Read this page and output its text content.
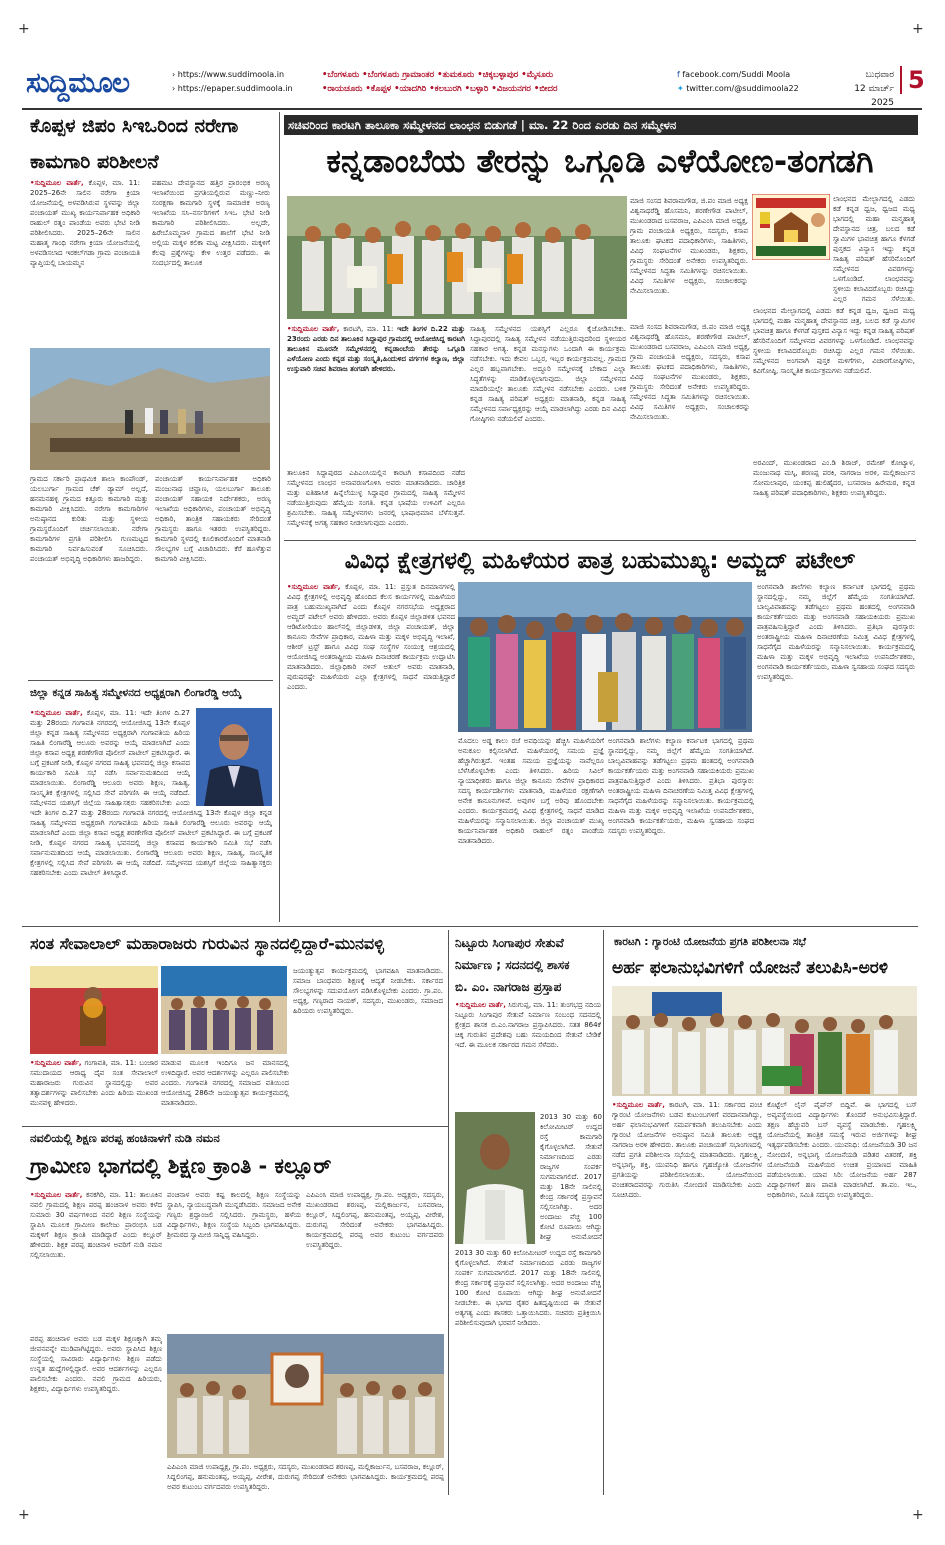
+	+
+	+
ಸುದ್ದಿಮೂಲ	› https://www.suddimoola.in
› https://epaper.suddimoola.in
•ಬೆಂಗಳೂರು •ಬೆಂಗಳೂರು ಗ್ರಾಮಾಂತರ •ತುಮಕೂರು •ಚಿಕ್ಕಬಳ್ಳಾಪುರ •ಮೈಸೂರು
•ರಾಯಚೂರು •ಕೊಪ್ಪಳ •ಯಾದಗಿರಿ •ಕಲಬುರಗಿ •ಬಳ್ಳಾರಿ •ವಿಜಯನಗರ •ಬೀದರ
f facebook.com/Suddi Moola
✦ twitter.com/@suddimoola22
ಬುಧವಾರ
12 ಮಾರ್ಚ್ 2025
5
ಕೊಪ್ಪಳ ಜಿಪಂ ಸಿಇಒರಿಂದ ನರೇಗಾ
ಕಾಮಗಾರಿ ಪರಿಶೀಲನೆ
•ಸುದ್ದಿಮೂಲ ವಾರ್ತೆ, ಕೊಪ್ಪಳ, ಮಾ. 11: 2025–26ನೇ ಸಾಲಿನ ನರೇಗಾ ಕ್ರಿಯಾ ಯೋಜನೆಯಲ್ಲಿ ಅಳವಡಿಸಿರುವ ಸ್ಥಳವನ್ನು ಜಿಲ್ಲಾ ಪಂಚಾಯತ್ ಮುಖ್ಯ ಕಾರ್ಯನಿರ್ವಾಹಕ ಅಧಿಕಾರಿ ರಾಹುಲ್ ರತ್ನಂ ಪಾಂಡೆಯ ಅವರು ಭೇಟಿ ನೀಡಿ ಪರಿಶೀಲಿಸಿದರು. 2025–26ನೇ ಸಾಲಿನ ಮಹಾತ್ಮ ಗಾಂಧಿ ನರೇಗಾ ಕ್ರಿಯಾ ಯೋಜನೆಯಲ್ಲಿ ಅಳವಡಿಸಲಾದ ಇರಕಲ್‌ಗಡಾ ಗ್ರಾಮ ಪಂಚಾಯತಿ ವ್ಯಾಪ್ತಿಯಲ್ಲಿ ಬಾಯಮ್ಮನ
ಪಹಮಟ ದೇವಸ್ಥಾನದ ಹತ್ತಿರ ಪ್ರಾರಂಭಿಕ ಅರಣ್ಯ ಇಲಾಖೆಯಿಂದ ಪ್ರಗತಿಯಲ್ಲಿರುವ ಮಣ್ಣು–ನೀರು ಸಂರಕ್ಷಣಾ ಕಾಮಗಾರಿ ಸ್ಥಳಕ್ಕೆ ಸಾಮಾಜಿಕ ಅರಣ್ಯ ಇಲಾಖೆಯ ಸಸಿ–ನರ್ಸರಿಗಳಿಗೆ ಸಿಇಒ ಭೇಟಿ ನೀಡಿ ಕಾಮಗಾರಿ ಪರಿಶೀಲಿಸಿದರು. ಅಲ್ಲದೇ, ಹಿರೇಬೊಮ್ಮನಾಳ ಗ್ರಾಮದ ಶಾಲೆಗೆ ಭೇಟಿ ನೀಡಿ ಅಲ್ಲಿಯ ಮಕ್ಕಳ ಕಲಿಕಾ ಮಟ್ಟ ವೀಕ್ಷಿಸಿದರು. ಮಕ್ಕಳಿಗೆ ಕೆಲವು ಪ್ರಶ್ನೆಗಳನ್ನು ಕೇಳಿ ಉತ್ತರ ಪಡೆದರು. ಈ ಸಂದರ್ಭದಲ್ಲಿ ತಾಲೂಕ
ಗ್ರಾಮದ ಸರ್ಕಾರಿ ಪ್ರಾಥಮಿಕ ಶಾಲಾ ಕಾಂಪೌಂಡ್, ಯಲಬುರ್ಗಾ ಗ್ರಾಮದ ಚೆಕ್ ಡ್ಯಾಮ್ ಅಲ್ಲದೆ, ಹನಮನಹಳ್ಳಿ ಗ್ರಾಮದ ಕಿತ್ತೂರು ಕಾಮಗಾರಿ ಮತ್ತು ಕಾಮಗಾರಿ ವೀಕ್ಷಿಸಿದರು. ನರೇಗಾ ಕಾಮಗಾರಿಗಳ ಅನುಷ್ಠಾನದ ಕುರಿತು ಮತ್ತು ಸ್ಥಳೀಯ ಗ್ರಾಮಸ್ಥರೊಂದಿಗೆ ಚರ್ಚಿಸಲಾಯಿತು. ನರೇಗಾ ಕಾಮಗಾರಿಗಳ ಪ್ರಗತಿ ಪರಿಶೀಲಿಸಿ ಗುಣಮಟ್ಟದ ಕಾಮಗಾರಿ ನಿರ್ವಹಿಸುವಂತೆ ಸೂಚಿಸಿದರು. ಪಂಚಾಯತ್ ಅಭಿವೃದ್ಧಿ ಅಧಿಕಾರಿಗಳು ಹಾಜರಿದ್ದರು.
ಪಂಚಾಯತ್ ಕಾರ್ಯನಿರ್ವಾಹಕ ಅಧಿಕಾರಿ ಮಂಜುನಾಥ ಚವ್ಹಾಣ, ಯಲಬುರ್ಗಾ ತಾಲೂಕು ಪಂಚಾಯತ್ ಸಹಾಯಕ ನಿರ್ದೇಶಕರು, ಅರಣ್ಯ ಇಲಾಖೆಯ ಅಧಿಕಾರಿಗಳು, ಪಂಚಾಯತ್ ಅಭಿವೃದ್ಧಿ ಅಧಿಕಾರಿ, ತಾಂತ್ರಿಕ ಸಹಾಯಕರು ಸೇರಿದಂತೆ ಗ್ರಾಮಸ್ಥರು ಹಾಗೂ ಇತರರು ಉಪಸ್ಥಿತರಿದ್ದರು. ಕಾಮಗಾರಿ ಸ್ಥಳದಲ್ಲಿ ಕೂಲಿಕಾರರೊಂದಿಗೆ ಮಾತನಾಡಿ ಸೌಲಭ್ಯಗಳ ಬಗ್ಗೆ ವಿಚಾರಿಸಿದರು. ಕೆರೆ ಹೂಳೆತ್ತುವ ಕಾಮಗಾರಿ ವೀಕ್ಷಿಸಿದರು.
ಜಿಲ್ಲಾ ಕನ್ನಡ ಸಾಹಿತ್ಯ ಸಮ್ಮೇಳನದ ಅಧ್ಯಕ್ಷರಾಗಿ ಲಿಂಗಾರೆಡ್ಡಿ ಆಯ್ಕೆ
•ಸುದ್ದಿಮೂಲ ವಾರ್ತೆ, ಕೊಪ್ಪಳ, ಮಾ. 11: ಇದೇ ತಿಂಗಳ ದಿ.27 ಮತ್ತು 28ರಂದು ಗಂಗಾವತಿ ನಗರದಲ್ಲಿ ಆಯೋಜಿಸಿದ್ದ 13ನೇ ಕೊಪ್ಪಳ ಜಿಲ್ಲಾ ಕನ್ನಡ ಸಾಹಿತ್ಯ ಸಮ್ಮೇಳನದ ಅಧ್ಯಕ್ಷರಾಗಿ ಗಂಗಾವತಿಯ ಹಿರಿಯ ಸಾಹಿತಿ ಲಿಂಗಾರೆಡ್ಡಿ ಆಲೂರು ಅವರನ್ನು ಆಯ್ಕೆ ಮಾಡಲಾಗಿದೆ ಎಂದು ಜಿಲ್ಲಾ ಕಸಾಪ ಅಧ್ಯಕ್ಷ ಶರಣೇಗೌಡ ಪೊಲೀಸ್ ಪಾಟೀಲ್ ಪ್ರಕಟಿಸಿದ್ದಾರೆ. ಈ ಬಗ್ಗೆ ಪ್ರಕಟಣೆ ನೀಡಿ, ಕೊಪ್ಪಳ ನಗರದ ಸಾಹಿತ್ಯ ಭವನದಲ್ಲಿ ಜಿಲ್ಲಾ ಕಸಾಪದ ಕಾರ್ಯಕಾರಿ ಸಮಿತಿ ಸಭೆ ನಡೆಸಿ ಸರ್ವಾನುಮತದಿಂದ ಆಯ್ಕೆ ಮಾಡಲಾಯಿತು. ಲಿಂಗಾರೆಡ್ಡಿ ಆಲೂರು ಅವರು ಶಿಕ್ಷಣ, ಸಾಹಿತ್ಯ, ಸಾಂಸ್ಕೃತಿಕ ಕ್ಷೇತ್ರಗಳಲ್ಲಿ ಸಲ್ಲಿಸಿದ ಸೇವೆ ಪರಿಗಣಿಸಿ ಈ ಆಯ್ಕೆ ನಡೆದಿದೆ. ಸಮ್ಮೇಳನದ ಯಶಸ್ಸಿಗೆ ಜಿಲ್ಲೆಯ ಸಾಹಿತ್ಯಾಸಕ್ತರು ಸಹಕರಿಸಬೇಕು ಎಂದು
ಇದೇ ತಿಂಗಳ ದಿ.27 ಮತ್ತು 28ರಂದು ಗಂಗಾವತಿ ನಗರದಲ್ಲಿ ಆಯೋಜಿಸಿದ್ದ 13ನೇ ಕೊಪ್ಪಳ ಜಿಲ್ಲಾ ಕನ್ನಡ ಸಾಹಿತ್ಯ ಸಮ್ಮೇಳನದ ಅಧ್ಯಕ್ಷರಾಗಿ ಗಂಗಾವತಿಯ ಹಿರಿಯ ಸಾಹಿತಿ ಲಿಂಗಾರೆಡ್ಡಿ ಆಲೂರು ಅವರನ್ನು ಆಯ್ಕೆ ಮಾಡಲಾಗಿದೆ ಎಂದು ಜಿಲ್ಲಾ ಕಸಾಪ ಅಧ್ಯಕ್ಷ ಶರಣೇಗೌಡ ಪೊಲೀಸ್ ಪಾಟೀಲ್ ಪ್ರಕಟಿಸಿದ್ದಾರೆ. ಈ ಬಗ್ಗೆ ಪ್ರಕಟಣೆ ನೀಡಿ, ಕೊಪ್ಪಳ ನಗರದ ಸಾಹಿತ್ಯ ಭವನದಲ್ಲಿ ಜಿಲ್ಲಾ ಕಸಾಪದ ಕಾರ್ಯಕಾರಿ ಸಮಿತಿ ಸಭೆ ನಡೆಸಿ ಸರ್ವಾನುಮತದಿಂದ ಆಯ್ಕೆ ಮಾಡಲಾಯಿತು. ಲಿಂಗಾರೆಡ್ಡಿ ಆಲೂರು ಅವರು ಶಿಕ್ಷಣ, ಸಾಹಿತ್ಯ, ಸಾಂಸ್ಕೃತಿಕ ಕ್ಷೇತ್ರಗಳಲ್ಲಿ ಸಲ್ಲಿಸಿದ ಸೇವೆ ಪರಿಗಣಿಸಿ ಈ ಆಯ್ಕೆ ನಡೆದಿದೆ. ಸಮ್ಮೇಳನದ ಯಶಸ್ಸಿಗೆ ಜಿಲ್ಲೆಯ ಸಾಹಿತ್ಯಾಸಕ್ತರು ಸಹಕರಿಸಬೇಕು ಎಂದು ಪಾಟೀಲ್ ತಿಳಿಸಿದ್ದಾರೆ.
ಸಚಿವರಿಂದ ಕಾರಟಗಿ ತಾಲೂಕಾ ಸಮ್ಮೇಳನದ ಲಾಂಛನ ಬಿಡುಗಡೆ | ಮಾ. 22 ರಿಂದ ಎರಡು ದಿನ ಸಮ್ಮೇಳನ
ಕನ್ನಡಾಂಬೆಯ ತೇರನ್ನು ಒಗ್ಗೂಡಿ ಎಳೆಯೋಣ-ತಂಗಡಗಿ
ಮಾಜಿ ಸಂಸದ ಶಿವರಾಮಗೌಡ, ಜಿ.ಪಂ ಮಾಜಿ ಅಧ್ಯಕ್ಷ ವಿಶ್ವನಾಥರೆಡ್ಡಿ ಹೊಸಮನಿ, ಶರಣೇಗೌಡ ಪಾಟೀಲ್, ಮುಖಂಡರಾದ ಬಸವರಾಜ, ಎಪಿಎಂಸಿ ಮಾಜಿ ಅಧ್ಯಕ್ಷ, ಗ್ರಾಮ ಪಂಚಾಯತಿ ಅಧ್ಯಕ್ಷರು, ಸದಸ್ಯರು, ಕಸಾಪ ತಾಲೂಕು ಘಟಕದ ಪದಾಧಿಕಾರಿಗಳು, ಸಾಹಿತಿಗಳು, ವಿವಿಧ ಸಂಘಟನೆಗಳ ಮುಖಂಡರು, ಶಿಕ್ಷಕರು, ಗ್ರಾಮಸ್ಥರು ಸೇರಿದಂತೆ ಅನೇಕರು ಉಪಸ್ಥಿತರಿದ್ದರು. ಸಮ್ಮೇಳನದ ಸಿದ್ಧತಾ ಸಮಿತಿಗಳನ್ನು ರಚಿಸಲಾಯಿತು. ವಿವಿಧ ಸಮಿತಿಗಳ ಅಧ್ಯಕ್ಷರು, ಸಂಚಾಲಕರನ್ನು ನೇಮಿಸಲಾಯಿತು.
ಲಾಂಛನದ ಮೇಲ್ಭಾಗದಲ್ಲಿ ಎಡದು ಕಡೆ ಕನ್ನಡ ಧ್ವಜ, ಧ್ವಜದ ಮಧ್ಯ ಭಾಗದಲ್ಲಿ ಮಹಾ ಮನ್ಮಹಾತ್ಮ ದೇವಸ್ಥಾನದ ಚಿತ್ರ, ಬಲದ ಕಡೆ ಸ್ವಾಮಿಗಳ ಭಾವಚಿತ್ರ ಹಾಗೂ ಕೆಳಗಡೆ ಪುಸ್ತಕದ ವಿನ್ಯಾಸ ಇದ್ದು ಕನ್ನಡ ಸಾಹಿತ್ಯ ಪರಿಷತ್ ಹೆಸರಿನೊಂದಿಗೆ ಸಮ್ಮೇಳನದ ವಿವರಗಳನ್ನು ಒಳಗೊಂಡಿದೆ. ಲಾಂಛನವನ್ನು ಸ್ಥಳೀಯ ಕಲಾವಿದರೊಬ್ಬರು ರಚಿಸಿದ್ದು ಎಲ್ಲರ ಗಮನ ಸೆಳೆಯಿತು.
•ಸುದ್ದಿಮೂಲ ವಾರ್ತೆ, ಕಾರಟಗಿ, ಮಾ. 11: ಇದೇ ತಿಂಗಳ ದಿ.22 ಮತ್ತು 23ರಂದು ಎರಡು ದಿನ ತಾಲೂಕಿನ ಸಿದ್ದಾಪುರ ಗ್ರಾಮದಲ್ಲಿ ಆಯೋಜಿಸಿದ್ದ ಕಾರಟಗಿ ತಾಲೂಕಿನ ಮೂರನೇ ಸಮ್ಮೇಳನದಲ್ಲಿ ಕನ್ನಡಾಂಬೆಯ ತೇರನ್ನು ಒಗ್ಗೂಡಿ ಎಳೆಯೋಣ ಎಂದು ಕನ್ನಡ ಮತ್ತು ಸಂಸ್ಕೃತಿ,ಹಿಂದುಳಿದ ವರ್ಗಗಳ ಕಲ್ಯಾಣ, ಜಿಲ್ಲಾ ಉಸ್ತುವಾರಿ ಸಚಿವ ಶಿವರಾಜ ತಂಗಡಗಿ ಹೇಳಿದರು.
ತಾಲೂಕಿನ ಸಿದ್ದಾಪುರದ ಎಪಿಎಂಸಿಯಲ್ಲಿನ ಕಾರಟಗಿ ಕಸಾಪದಿಂದ ನಡೆದ ಸಮ್ಮೇಳನದ ಲಾಂಛನ ಅನಾವರಣಗೊಳಿಸಿ ಅವರು ಮಾತನಾಡಿದರು. ಚಾರಿತ್ರಿಕ ಮತ್ತು ಐತಿಹಾಸಿಕ ಹಿನ್ನೆಲೆಯುಳ್ಳ ಸಿದ್ದಾಪುರ ಗ್ರಾಮದಲ್ಲಿ ಸಾಹಿತ್ಯ ಸಮ್ಮೇಳನ ನಡೆಯುತ್ತಿರುವುದು ಹೆಮ್ಮೆಯ ಸಂಗತಿ. ಕನ್ನಡ ಭಾಷೆಯ ಉಳಿವಿಗೆ ಎಲ್ಲರೂ ಶ್ರಮಿಸಬೇಕು. ಸಾಹಿತ್ಯ ಸಮ್ಮೇಳನಗಳು ಜನರಲ್ಲಿ ಭಾಷಾಭಿಮಾನ ಬೆಳೆಸುತ್ತವೆ. ಸಮ್ಮೇಳನಕ್ಕೆ ಅಗತ್ಯ ಸಹಕಾರ ನೀಡಲಾಗುವುದು ಎಂದರು.
ಸಾಹಿತ್ಯ ಸಮ್ಮೇಳನದ ಯಶಸ್ಸಿಗೆ ಎಲ್ಲರೂ ಕೈಜೋಡಿಸಬೇಕು. ಸಿದ್ದಾಪುರದಲ್ಲಿ ಸಾಹಿತ್ಯ ಸಮ್ಮೇಳನ ನಡೆಯುತ್ತಿರುವುದರಿಂದ ಸ್ಥಳೀಯರ ಸಹಕಾರ ಅಗತ್ಯ. ಕನ್ನಡ ಮನಸ್ಸುಗಳು ಒಂದಾಗಿ ಈ ಕಾರ್ಯಕ್ರಮ ನಡೆಸಬೇಕು. ಇದು ಕೇವಲ ಒಬ್ಬರ, ಇಬ್ಬರ ಕಾರ್ಯಕ್ರಮವಲ್ಲ. ಗ್ರಾಮದ ಎಲ್ಲರ ಹಬ್ಬವಾಗಬೇಕು. ಅದ್ಧೂರಿ ಸಮ್ಮೇಳನಕ್ಕೆ ಬೇಕಾದ ಎಲ್ಲಾ ಸಿದ್ಧತೆಗಳನ್ನು ಮಾಡಿಕೊಳ್ಳಲಾಗುವುದು. ಜಿಲ್ಲಾ ಸಮ್ಮೇಳನದ ಮಾದರಿಯಲ್ಲೇ ತಾಲೂಕು ಸಮ್ಮೇಳನ ನಡೆಸಬೇಕು ಎಂದರು. ಬಳಿಕ ಕನ್ನಡ ಸಾಹಿತ್ಯ ಪರಿಷತ್ ಅಧ್ಯಕ್ಷರು ಮಾತನಾಡಿ, ಕನ್ನಡ ಸಾಹಿತ್ಯ ಸಮ್ಮೇಳನದ ಸರ್ವಾಧ್ಯಕ್ಷರನ್ನು ಆಯ್ಕೆ ಮಾಡಲಾಗಿದ್ದು ಎರಡು ದಿನ ವಿವಿಧ ಗೋಷ್ಠಿಗಳು ನಡೆಯಲಿವೆ ಎಂದರು.
ಮಾಜಿ ಸಂಸದ ಶಿವರಾಮಗೌಡ, ಜಿ.ಪಂ ಮಾಜಿ ಅಧ್ಯಕ್ಷ ವಿಶ್ವನಾಥರೆಡ್ಡಿ ಹೊಸಮನಿ, ಶರಣೇಗೌಡ ಪಾಟೀಲ್, ಮುಖಂಡರಾದ ಬಸವರಾಜ, ಎಪಿಎಂಸಿ ಮಾಜಿ ಅಧ್ಯಕ್ಷ, ಗ್ರಾಮ ಪಂಚಾಯತಿ ಅಧ್ಯಕ್ಷರು, ಸದಸ್ಯರು, ಕಸಾಪ ತಾಲೂಕು ಘಟಕದ ಪದಾಧಿಕಾರಿಗಳು, ಸಾಹಿತಿಗಳು, ವಿವಿಧ ಸಂಘಟನೆಗಳ ಮುಖಂಡರು, ಶಿಕ್ಷಕರು, ಗ್ರಾಮಸ್ಥರು ಸೇರಿದಂತೆ ಅನೇಕರು ಉಪಸ್ಥಿತರಿದ್ದರು. ಸಮ್ಮೇಳನದ ಸಿದ್ಧತಾ ಸಮಿತಿಗಳನ್ನು ರಚಿಸಲಾಯಿತು. ವಿವಿಧ ಸಮಿತಿಗಳ ಅಧ್ಯಕ್ಷರು, ಸಂಚಾಲಕರನ್ನು ನೇಮಿಸಲಾಯಿತು.
ಲಾಂಛನದ ಮೇಲ್ಭಾಗದಲ್ಲಿ ಎಡದು ಕಡೆ ಕನ್ನಡ ಧ್ವಜ, ಧ್ವಜದ ಮಧ್ಯ ಭಾಗದಲ್ಲಿ ಮಹಾ ಮನ್ಮಹಾತ್ಮ ದೇವಸ್ಥಾನದ ಚಿತ್ರ, ಬಲದ ಕಡೆ ಸ್ವಾಮಿಗಳ ಭಾವಚಿತ್ರ ಹಾಗೂ ಕೆಳಗಡೆ ಪುಸ್ತಕದ ವಿನ್ಯಾಸ ಇದ್ದು ಕನ್ನಡ ಸಾಹಿತ್ಯ ಪರಿಷತ್ ಹೆಸರಿನೊಂದಿಗೆ ಸಮ್ಮೇಳನದ ವಿವರಗಳನ್ನು ಒಳಗೊಂಡಿದೆ. ಲಾಂಛನವನ್ನು ಸ್ಥಳೀಯ ಕಲಾವಿದರೊಬ್ಬರು ರಚಿಸಿದ್ದು ಎಲ್ಲರ ಗಮನ ಸೆಳೆಯಿತು. ಸಮ್ಮೇಳನದ ಅಂಗವಾಗಿ ಪುಸ್ತಕ ಮಳಿಗೆಗಳು, ವಿಚಾರಗೋಷ್ಠಿಗಳು, ಕವಿಗೋಷ್ಠಿ, ಸಾಂಸ್ಕೃತಿಕ ಕಾರ್ಯಕ್ರಮಗಳು ನಡೆಯಲಿವೆ.
ಅರವಿಂದ್, ಮುಖಂಡರಾದ ಎಂ.ಡಿ ಶಿರಾಜ್, ರಮೇಶ್ ಕೋಟ್ಯಾಳ, ಮಂಜುನಾಥ ಮಸ್ಕಿ, ಶರಣಪ್ಪ ಪರಕಿ, ನಾಗರಾಜ ಅರಳಿ, ಮಲ್ಲಿಕಾರ್ಜುನ ಸೋಮಲಾಪುರ, ಯಂಕಪ್ಪ ಹುಲಿಹೈದರ, ಬಸವರಾಜ ಹಿರೇಮಠ, ಕನ್ನಡ ಸಾಹಿತ್ಯ ಪರಿಷತ್ ಪದಾಧಿಕಾರಿಗಳು, ಶಿಕ್ಷಕರು ಉಪಸ್ಥಿತರಿದ್ದರು.
ವಿವಿಧ ಕ್ಷೇತ್ರಗಳಲ್ಲಿ ಮಹಿಳೆಯರ ಪಾತ್ರ ಬಹುಮುಖ್ಯ: ಅಮ್ಜದ್ ಪಟೇಲ್
•ಸುದ್ದಿಮೂಲ ವಾರ್ತೆ, ಕೊಪ್ಪಳ, ಮಾ. 11: ಪ್ರಸ್ತುತ ದಿನಮಾನಗಳಲ್ಲಿ ವಿವಿಧ ಕ್ಷೇತ್ರಗಳಲ್ಲಿ ಅಭಿವೃದ್ಧಿ ಹೊಂದಿದ ಕೆಲಸ ಕಾರ್ಯಗಳಲ್ಲಿ ಮಹಿಳೆಯರ ಪಾತ್ರ ಬಹುಮುಖ್ಯವಾಗಿದೆ ಎಂದು ಕೊಪ್ಪಳ ನಗರಸಭೆಯ ಅಧ್ಯಕ್ಷರಾದ ಅಮ್ಜದ್ ಪಟೇಲ್ ಅವರು ಹೇಳಿದರು. ಅವರು ಕೊಪ್ಪಳ ಜಿಲ್ಲಾಡಳಿತ ಭವನದ ಆಡಿಟೋರಿಯಂ ಹಾಲ್‌ನಲ್ಲಿ ಜಿಲ್ಲಾಡಳಿತ, ಜಿಲ್ಲಾ ಪಂಚಾಯತ್, ಜಿಲ್ಲಾ ಕಾನೂನು ಸೇವೆಗಳ ಪ್ರಾಧಿಕಾರ, ಮಹಿಳಾ ಮತ್ತು ಮಕ್ಕಳ ಅಭಿವೃದ್ಧಿ ಇಲಾಖೆ, ಆಶೀರ್ ಟ್ರಸ್ಟ್ ಹಾಗೂ ವಿವಿಧ ಸಂಘ ಸಂಸ್ಥೆಗಳ ಸಂಯುಕ್ತ ಆಶ್ರಯದಲ್ಲಿ ಆಯೋಜಿಸಿದ್ದ ಅಂತರಾಷ್ಟ್ರೀಯ ಮಹಿಳಾ ದಿನಾಚರಣೆ ಕಾರ್ಯಕ್ರಮ ಉದ್ಘಾಟಿಸಿ ಮಾತನಾಡಿದರು. ಜಿಲ್ಲಾಧಿಕಾರಿ ನಳಿನ್ ಅತುಲ್ ಅವರು ಮಾತನಾಡಿ, ಪುರುಷರಷ್ಟೇ ಮಹಿಳೆಯರು ಎಲ್ಲಾ ಕ್ಷೇತ್ರಗಳಲ್ಲಿ ಸಾಧನೆ ಮಾಡುತ್ತಿದ್ದಾರೆ ಎಂದರು.
ಮೊದಲು ಅಡ್ಡ ಕಾಲು ರಜೆ ಅವಧಿಯನ್ನು ಹೆಚ್ಚಿಸಿ ಮಹಿಳೆಯರಿಗೆ ಅನುಕೂಲ ಕಲ್ಪಿಸಲಾಗಿದೆ. ಮಹಿಳೆಯರಲ್ಲಿ ಸಮಯ ಪ್ರಜ್ಞೆ ಹೆಚ್ಚಾಗಿರುತ್ತದೆ. ಇಂತಹ ಸಮಯ ಪ್ರಜ್ಞೆಯನ್ನು ನಾವೆಲ್ಲರೂ ಬೆಳೆಸಿಕೊಳ್ಳಬೇಕು ಎಂದು ತಿಳಿಸಿದರು. ಹಿರಿಯ ಸಿವಿಲ್ ನ್ಯಾಯಾಧೀಶರು ಹಾಗೂ ಜಿಲ್ಲಾ ಕಾನೂನು ಸೇವೆಗಳ ಪ್ರಾಧಿಕಾರದ ಸದಸ್ಯ ಕಾರ್ಯದರ್ಶಿಗಳು ಮಾತನಾಡಿ, ಮಹಿಳೆಯರ ರಕ್ಷಣೆಗಾಗಿ ಅನೇಕ ಕಾನೂನುಗಳಿವೆ. ಅವುಗಳ ಬಗ್ಗೆ ಅರಿವು ಹೊಂದಬೇಕು ಎಂದರು. ಕಾರ್ಯಕ್ರಮದಲ್ಲಿ ವಿವಿಧ ಕ್ಷೇತ್ರಗಳಲ್ಲಿ ಸಾಧನೆ ಮಾಡಿದ ಮಹಿಳೆಯರನ್ನು ಸನ್ಮಾನಿಸಲಾಯಿತು. ಜಿಲ್ಲಾ ಪಂಚಾಯತ್ ಮುಖ್ಯ ಕಾರ್ಯನಿರ್ವಾಹಕ ಅಧಿಕಾರಿ ರಾಹುಲ್ ರತ್ನಂ ಪಾಂಡೆಯ ಮಾತನಾಡಿದರು.
ಅಂಗನವಾಡಿ ಶಾಲೆಗಳು ಕಲ್ಯಾಣ ಕರ್ನಾಟಕ ಭಾಗದಲ್ಲಿ ಪ್ರಥಮ ಸ್ಥಾನದಲ್ಲಿದ್ದು, ನಮ್ಮ ಜಿಲ್ಲೆಗೆ ಹೆಮ್ಮೆಯ ಸಂಗತಿಯಾಗಿದೆ. ಬಾಲ್ಯವಿವಾಹವನ್ನು ತಡೆಗಟ್ಟಲು ಪ್ರಥಮ ಹಂತದಲ್ಲಿ ಅಂಗನವಾಡಿ ಕಾರ್ಯಕರ್ತೆಯರು ಮತ್ತು ಅಂಗನವಾಡಿ ಸಹಾಯಕಿಯರು ಪ್ರಮುಖ ಪಾತ್ರವಹಿಸುತ್ತಿದ್ದಾರೆ ಎಂದು ತಿಳಿಸಿದರು. ಪ್ರತಿಭಾ ಪುರಸ್ಕಾರ: ಅಂತರಾಷ್ಟ್ರೀಯ ಮಹಿಳಾ ದಿನಾಚರಣೆಯ ನಿಮಿತ್ತ ವಿವಿಧ ಕ್ಷೇತ್ರಗಳಲ್ಲಿ ಸಾಧನೆಗೈದ ಮಹಿಳೆಯರನ್ನು ಸನ್ಮಾನಿಸಲಾಯಿತು. ಕಾರ್ಯಕ್ರಮದಲ್ಲಿ ಮಹಿಳಾ ಮತ್ತು ಮಕ್ಕಳ ಅಭಿವೃದ್ಧಿ ಇಲಾಖೆಯ ಉಪನಿರ್ದೇಶಕರು, ಅಂಗನವಾಡಿ ಕಾರ್ಯಕರ್ತೆಯರು, ಮಹಿಳಾ ಸ್ವಸಹಾಯ ಸಂಘದ ಸದಸ್ಯರು ಉಪಸ್ಥಿತರಿದ್ದರು.
ಅಂಗನವಾಡಿ ಶಾಲೆಗಳು ಕಲ್ಯಾಣ ಕರ್ನಾಟಕ ಭಾಗದಲ್ಲಿ ಪ್ರಥಮ ಸ್ಥಾನದಲ್ಲಿದ್ದು, ನಮ್ಮ ಜಿಲ್ಲೆಗೆ ಹೆಮ್ಮೆಯ ಸಂಗತಿಯಾಗಿದೆ. ಬಾಲ್ಯವಿವಾಹವನ್ನು ತಡೆಗಟ್ಟಲು ಪ್ರಥಮ ಹಂತದಲ್ಲಿ ಅಂಗನವಾಡಿ ಕಾರ್ಯಕರ್ತೆಯರು ಮತ್ತು ಅಂಗನವಾಡಿ ಸಹಾಯಕಿಯರು ಪ್ರಮುಖ ಪಾತ್ರವಹಿಸುತ್ತಿದ್ದಾರೆ ಎಂದು ತಿಳಿಸಿದರು. ಪ್ರತಿಭಾ ಪುರಸ್ಕಾರ: ಅಂತರಾಷ್ಟ್ರೀಯ ಮಹಿಳಾ ದಿನಾಚರಣೆಯ ನಿಮಿತ್ತ ವಿವಿಧ ಕ್ಷೇತ್ರಗಳಲ್ಲಿ ಸಾಧನೆಗೈದ ಮಹಿಳೆಯರನ್ನು ಸನ್ಮಾನಿಸಲಾಯಿತು. ಕಾರ್ಯಕ್ರಮದಲ್ಲಿ ಮಹಿಳಾ ಮತ್ತು ಮಕ್ಕಳ ಅಭಿವೃದ್ಧಿ ಇಲಾಖೆಯ ಉಪನಿರ್ದೇಶಕರು, ಅಂಗನವಾಡಿ ಕಾರ್ಯಕರ್ತೆಯರು, ಮಹಿಳಾ ಸ್ವಸಹಾಯ ಸಂಘದ ಸದಸ್ಯರು ಉಪಸ್ಥಿತರಿದ್ದರು.
ಸಂತ ಸೇವಾಲಾಲ್ ಮಹಾರಾಜರು ಗುರುವಿನ ಸ್ಥಾನದಲ್ಲಿದ್ದಾರೆ-ಮುನವಳ್ಳಿ
•ಸುದ್ದಿಮೂಲ ವಾರ್ತೆ, ಗಂಗಾವತಿ, ಮಾ. 11: ಬಂಜಾರ ಸಮುದಾಯದ ಆರಾಧ್ಯ ದೈವ ಸಂತ ಸೇವಾಲಾಲ್ ಮಹಾರಾಜರು ಗುರುವಿನ ಸ್ಥಾನದಲ್ಲಿದ್ದು ಅವರ ತತ್ವಾದರ್ಶಗಳನ್ನು ಪಾಲಿಸಬೇಕು ಎಂದು ಹಿರಿಯ ಮುಖಂಡ ಮುನವಳ್ಳಿ ಹೇಳಿದರು.
ಮಾಡುವ ಮೂಲಕ ಇಂದಿಗೂ ಜನ ಮಾನಸದಲ್ಲಿ ಉಳಿದಿದ್ದಾರೆ. ಅವರ ಆದರ್ಶಗಳನ್ನು ಎಲ್ಲರೂ ಪಾಲಿಸಬೇಕು ಎಂದರು. ಗಂಗಾವತಿ ನಗರದಲ್ಲಿ ಸಮಾಜದ ವತಿಯಿಂದ ಆಯೋಜಿಸಿದ್ದ 286ನೇ ಜಯಂತ್ಯುತ್ಸವ ಕಾರ್ಯಕ್ರಮದಲ್ಲಿ ಮಾತನಾಡಿದರು.
ಜಯಂತ್ಯುತ್ಸವ ಕಾರ್ಯಕ್ರಮದಲ್ಲಿ ಭಾಗವಹಿಸಿ ಮಾತನಾಡಿದರು. ಸಮಾಜ ಬಾಂಧವರು ಶಿಕ್ಷಣಕ್ಕೆ ಆದ್ಯತೆ ನೀಡಬೇಕು. ಸರ್ಕಾರದ ಸೌಲಭ್ಯಗಳನ್ನು ಸದುಪಯೋಗ ಪಡಿಸಿಕೊಳ್ಳಬೇಕು ಎಂದರು. ಗ್ರಾ.ಪಂ. ಅಧ್ಯಕ್ಷ, ಗಣ್ಯರಾದ ನಾಯಕ್, ಸದಸ್ಯರು, ಮುಖಂಡರು, ಸಮಾಜದ ಹಿರಿಯರು ಉಪಸ್ಥಿತರಿದ್ದರು.
ನವಲಿಯಲ್ಲಿ ಶಿಕ್ಷಣ ಪರಪ್ಪ ಹಂಚಿನಾಳಗೆ ನುಡಿ ನಮನ
ಗ್ರಾಮೀಣ ಭಾಗದಲ್ಲಿ ಶಿಕ್ಷಣ ಕ್ರಾಂತಿ - ಕಲ್ಲೂರ್
•ಸುದ್ದಿಮೂಲ ವಾರ್ತೆ, ಕನಕಗಿರಿ, ಮಾ. 11: ತಾಲೂಕಿನ ನವಲಿ ಗ್ರಾಮದಲ್ಲಿ ಶಿಕ್ಷಣ ಪರಪ್ಪ ಹಂಚಿನಾಳ ಅವರು ಕಳೆದ ಸುಮಾರು 30 ವರ್ಷಗಳಿಂದ ನವಲಿ ಶಿಕ್ಷಣ ಸಂಸ್ಥೆಯನ್ನು ಸ್ಥಾಪಿಸಿ ಮೂಲಕ ಗ್ರಾಮೀಣ ಕಾಲೇಜು ಪ್ರಾರಂಭಿಸಿ ಬಡ ಮಕ್ಕಳಿಗೆ ಶಿಕ್ಷಣ ಕ್ರಾಂತಿ ಮಾಡಿದ್ದಾರೆ ಎಂದು ಕಲ್ಲೂರ್ ಹೇಳಿದರು. ಶಿಕ್ಷಕ ಪರಪ್ಪ ಹಂಚಿನಾಳ ಅವರಿಗೆ ನುಡಿ ನಮನ ಸಲ್ಲಿಸಲಾಯಿತು.
ಪಂಚಿನಾಳ ಅವರು ಕಷ್ಟ ಕಾಲದಲ್ಲಿ ಶಿಕ್ಷಣ ಸಂಸ್ಥೆಯನ್ನು ಸ್ಥಾಪಿಸಿ, ನ್ಯಾಯಬದ್ಧವಾಗಿ ಮುನ್ನಡೆಸಿದರು. ಸಮಾಜದ ಅನೇಕ ಗಣ್ಯರು ಶ್ರದ್ಧಾಂಜಲಿ ಸಲ್ಲಿಸಿದರು. ಗ್ರಾಮಸ್ಥರು, ಹಳೆಯ ವಿದ್ಯಾರ್ಥಿಗಳು, ಶಿಕ್ಷಣ ಸಂಸ್ಥೆಯ ಸಿಬ್ಬಂದಿ ಭಾಗವಹಿಸಿದ್ದರು. ಶ್ರೀಮಠದ ಸ್ವಾಮೀಜಿ ಸಾನ್ನಿಧ್ಯ ವಹಿಸಿದ್ದರು.
ಎಪಿಎಂಸಿ ಮಾಜಿ ಉಪಾಧ್ಯಕ್ಷ, ಗ್ರಾ.ಪಂ. ಅಧ್ಯಕ್ಷರು, ಸದಸ್ಯರು, ಮುಖಂಡರಾದ ಶರಣಪ್ಪ, ಮಲ್ಲಿಕಾರ್ಜುನ, ಬಸವರಾಜ, ಕಲ್ಲೂರ್, ಸಿದ್ದಲಿಂಗಪ್ಪ, ಹನುಮಂತಪ್ಪ, ಅಯ್ಯಪ್ಪ, ವೀರೇಶ, ದುರುಗಪ್ಪ ಸೇರಿದಂತೆ ಅನೇಕರು ಭಾಗವಹಿಸಿದ್ದರು. ಕಾರ್ಯಕ್ರಮದಲ್ಲಿ ಪರಪ್ಪ ಅವರ ಕುಟುಂಬ ವರ್ಗದವರು ಉಪಸ್ಥಿತರಿದ್ದರು.
ಪರಪ್ಪ ಹಂಚಿನಾಳ ಅವರು ಬಡ ಮಕ್ಕಳ ಶಿಕ್ಷಣಕ್ಕಾಗಿ ತಮ್ಮ ಜೀವನವನ್ನೇ ಮುಡಿಪಾಗಿಟ್ಟಿದ್ದರು. ಅವರು ಸ್ಥಾಪಿಸಿದ ಶಿಕ್ಷಣ ಸಂಸ್ಥೆಯಲ್ಲಿ ಸಾವಿರಾರು ವಿದ್ಯಾರ್ಥಿಗಳು ಶಿಕ್ಷಣ ಪಡೆದು ಉನ್ನತ ಹುದ್ದೆಗಳಲ್ಲಿದ್ದಾರೆ. ಅವರ ಆದರ್ಶಗಳನ್ನು ಎಲ್ಲರೂ ಪಾಲಿಸಬೇಕು ಎಂದರು. ನವಲಿ ಗ್ರಾಮದ ಹಿರಿಯರು, ಶಿಕ್ಷಕರು, ವಿದ್ಯಾರ್ಥಿಗಳು ಉಪಸ್ಥಿತರಿದ್ದರು.
ಎಪಿಎಂಸಿ ಮಾಜಿ ಉಪಾಧ್ಯಕ್ಷ, ಗ್ರಾ.ಪಂ. ಅಧ್ಯಕ್ಷರು, ಸದಸ್ಯರು, ಮುಖಂಡರಾದ ಶರಣಪ್ಪ, ಮಲ್ಲಿಕಾರ್ಜುನ, ಬಸವರಾಜ, ಕಲ್ಲೂರ್, ಸಿದ್ದಲಿಂಗಪ್ಪ, ಹನುಮಂತಪ್ಪ, ಅಯ್ಯಪ್ಪ, ವೀರೇಶ, ದುರುಗಪ್ಪ ಸೇರಿದಂತೆ ಅನೇಕರು ಭಾಗವಹಿಸಿದ್ದರು. ಕಾರ್ಯಕ್ರಮದಲ್ಲಿ ಪರಪ್ಪ ಅವರ ಕುಟುಂಬ ವರ್ಗದವರು ಉಪಸ್ಥಿತರಿದ್ದರು.
ನಿಟ್ಟೂರು ಸಿಂಗಾಪುರ ಸೇತುವೆ
ನಿರ್ಮಾಣ ; ಸದನದಲ್ಲಿ ಶಾಸಕ
ಬಿ. ಎಂ. ನಾಗರಾಜ ಪ್ರಸ್ತಾಪ
•ಸುದ್ದಿಮೂಲ ವಾರ್ತೆ, ಸಿರುಗುಪ್ಪ, ಮಾ. 11: ತುಂಗಭದ್ರ ನದಿಯ ನಿಟ್ಟೂರು ಸಿಂಗಾಪುರ ಸೇತುವೆ ನಿರ್ಮಾಣ ಸಂಬಂಧ ಸದನದಲ್ಲಿ ಕ್ಷೇತ್ರದ ಶಾಸಕ ಬಿ.ಎಂ.ನಾಗರಾಜ ಪ್ರಸ್ತಾಪಿಸಿದರು. ಸತತ 864ಕೆ ಚಿಕ್ಕ ಗುರುತಿನ ಪ್ರದೇಶವು ಬಹು ಸಮಯದಿಂದ ಸೇತುವೆ ಬೇಡಿಕೆ ಇದೆ. ಈ ಮೂಲಕ ಸರ್ಕಾರದ ಗಮನ ಸೆಳೆದರು.
2013 30 ಮತ್ತು 60 ಕಿಲೋಮೀಟರ್ ಉದ್ದದ ರಸ್ತೆ ಕಾಮಗಾರಿ ಕೈಗೊಳ್ಳಲಾಗಿದೆ. ಸೇತುವೆ ನಿರ್ಮಾಣದಿಂದ ಎರಡು ರಾಜ್ಯಗಳ ಸಂಪರ್ಕ ಸುಗಮವಾಗಲಿದೆ. 2017 ಮತ್ತು 18ನೇ ಸಾಲಿನಲ್ಲಿ ಕೇಂದ್ರ ಸರ್ಕಾರಕ್ಕೆ ಪ್ರಸ್ತಾವನೆ ಸಲ್ಲಿಸಲಾಗಿತ್ತು. ಅದರ ಅಂದಾಜು ವೆಚ್ಚ 100 ಕೋಟಿ ರೂಪಾಯಿ ಆಗಿದ್ದು ಶೀಘ್ರ ಅನುಮೋದನೆ
2013 30 ಮತ್ತು 60 ಕಿಲೋಮೀಟರ್ ಉದ್ದದ ರಸ್ತೆ ಕಾಮಗಾರಿ ಕೈಗೊಳ್ಳಲಾಗಿದೆ. ಸೇತುವೆ ನಿರ್ಮಾಣದಿಂದ ಎರಡು ರಾಜ್ಯಗಳ ಸಂಪರ್ಕ ಸುಗಮವಾಗಲಿದೆ. 2017 ಮತ್ತು 18ನೇ ಸಾಲಿನಲ್ಲಿ ಕೇಂದ್ರ ಸರ್ಕಾರಕ್ಕೆ ಪ್ರಸ್ತಾವನೆ ಸಲ್ಲಿಸಲಾಗಿತ್ತು. ಅದರ ಅಂದಾಜು ವೆಚ್ಚ 100 ಕೋಟಿ ರೂಪಾಯಿ ಆಗಿದ್ದು ಶೀಘ್ರ ಅನುಮೋದನೆ ನೀಡಬೇಕು. ಈ ಭಾಗದ ರೈತರ ಹಿತದೃಷ್ಟಿಯಿಂದ ಈ ಸೇತುವೆ ಅತ್ಯಗತ್ಯ ಎಂದು ಶಾಸಕರು ಒತ್ತಾಯಿಸಿದರು. ಸಚಿವರು ಪ್ರತಿಕ್ರಿಯಿಸಿ ಪರಿಶೀಲಿಸುವುದಾಗಿ ಭರವಸೆ ನೀಡಿದರು.
ಕಾರಟಗಿ : ಗ್ಯಾರಂಟಿ ಯೋಜನೆಯ ಪ್ರಗತಿ ಪರಿಶೀಲನಾ ಸಭೆ
ಅರ್ಹ ಫಲಾನುಭವಿಗಳಿಗೆ ಯೋಜನೆ ತಲುಪಿಸಿ-ಅರಳಿ
•ಸುದ್ದಿಮೂಲ ವಾರ್ತೆ, ಕಾರಟಗಿ, ಮಾ. 11: ಸರ್ಕಾರದ ಪಂಚ ಗ್ಯಾರಂಟಿ ಯೋಜನೆಗಳು ಬಡವ ಕುಟುಂಬಗಳಿಗೆ ವರದಾನವಾಗಿದ್ದು, ಅರ್ಹ ಫಲಾನುಭವಿಗಳಿಗೆ ಸಮರ್ಪಕವಾಗಿ ತಲುಪಿಸಬೇಕು ಎಂದು ಗ್ಯಾರಂಟಿ ಯೋಜನೆಗಳ ಅನುಷ್ಠಾನ ಸಮಿತಿ ತಾಲೂಕು ಅಧ್ಯಕ್ಷ ನಾಗರಾಜ ಅರಳಿ ಹೇಳಿದರು. ತಾಲೂಕು ಪಂಚಾಯತ್ ಸಭಾಂಗಣದಲ್ಲಿ ನಡೆದ ಪ್ರಗತಿ ಪರಿಶೀಲನಾ ಸಭೆಯಲ್ಲಿ ಮಾತನಾಡಿದರು. ಗೃಹಲಕ್ಷ್ಮಿ, ಅನ್ನಭಾಗ್ಯ, ಶಕ್ತಿ, ಯುವನಿಧಿ ಹಾಗೂ ಗೃಹಜ್ಯೋತಿ ಯೋಜನೆಗಳ ಪ್ರಗತಿಯನ್ನು ಪರಿಶೀಲಿಸಲಾಯಿತು. ಯೋಜನೆಯಿಂದ ವಂಚಿತರಾದವರನ್ನು ಗುರುತಿಸಿ ನೋಂದಣಿ ಮಾಡಿಸಬೇಕು ಎಂದು ಸೂಚಿಸಿದರು.
ಕೊಟ್ಟೆಲ್ ಲೈನ್ ಪೈಪ್‌ನ್ ಬಿದ್ದಿವೆ. ಈ ಭಾಗದಲ್ಲಿ ಬಸ್ ಅವ್ಯವಸ್ಥೆಯಿಂದ ವಿದ್ಯಾರ್ಥಿಗಳು ತೊಂದರೆ ಅನುಭವಿಸುತ್ತಿದ್ದಾರೆ. ತಕ್ಷಣ ಹೆಚ್ಚುವರಿ ಬಸ್ ವ್ಯವಸ್ಥೆ ಮಾಡಬೇಕು. ಗೃಹಲಕ್ಷ್ಮಿ ಯೋಜನೆಯಲ್ಲಿ ತಾಂತ್ರಿಕ ಸಮಸ್ಯೆ ಇರುವ ಅರ್ಜಿಗಳನ್ನು ಶೀಘ್ರ ಇತ್ಯರ್ಥಪಡಿಸಬೇಕು ಎಂದರು. ಯುವನಿಧಿ: ಯೋಜನೆಯಡಿ 30 ಜನ ನೋಂದಣಿ, ಅನ್ನಭಾಗ್ಯ ಯೋಜನೆಯಡಿ ಪಡಿತರ ವಿತರಣೆ, ಶಕ್ತಿ ಯೋಜನೆಯಡಿ ಮಹಿಳೆಯರ ಉಚಿತ ಪ್ರಯಾಣದ ಮಾಹಿತಿ ಪಡೆಯಲಾಯಿತು. ಯಾವ ಸಿರಿ: ಯೋಜನೆಯ ಅರ್ಹ 287 ವಿದ್ಯಾರ್ಥಿಗಳಿಗೆ ಹಣ ಪಾವತಿ ಮಾಡಲಾಗಿದೆ. ತಾ.ಪಂ. ಇಒ, ಅಧಿಕಾರಿಗಳು, ಸಮಿತಿ ಸದಸ್ಯರು ಉಪಸ್ಥಿತರಿದ್ದರು.
